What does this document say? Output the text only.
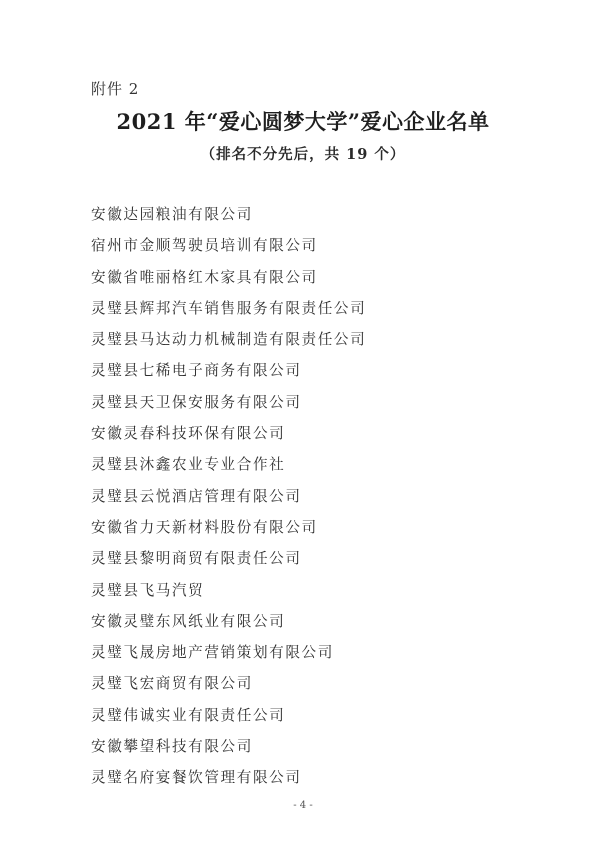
附件 2
2021 年“爱心圆梦大学”爱心企业名单
（排名不分先后，共 19 个）
安徽达园粮油有限公司
宿州市金顺驾驶员培训有限公司
安徽省唯丽格红木家具有限公司
灵璧县辉邦汽车销售服务有限责任公司
灵璧县马达动力机械制造有限责任公司
灵璧县七稀电子商务有限公司
灵璧县天卫保安服务有限公司
安徽灵春科技环保有限公司
灵璧县沐鑫农业专业合作社
灵璧县云悦酒店管理有限公司
安徽省力天新材料股份有限公司
灵璧县黎明商贸有限责任公司
灵璧县飞马汽贸
安徽灵璧东风纸业有限公司
灵璧飞晟房地产营销策划有限公司
灵璧飞宏商贸有限公司
灵璧伟诚实业有限责任公司
安徽攀望科技有限公司
灵璧名府宴餐饮管理有限公司
- 4 -
